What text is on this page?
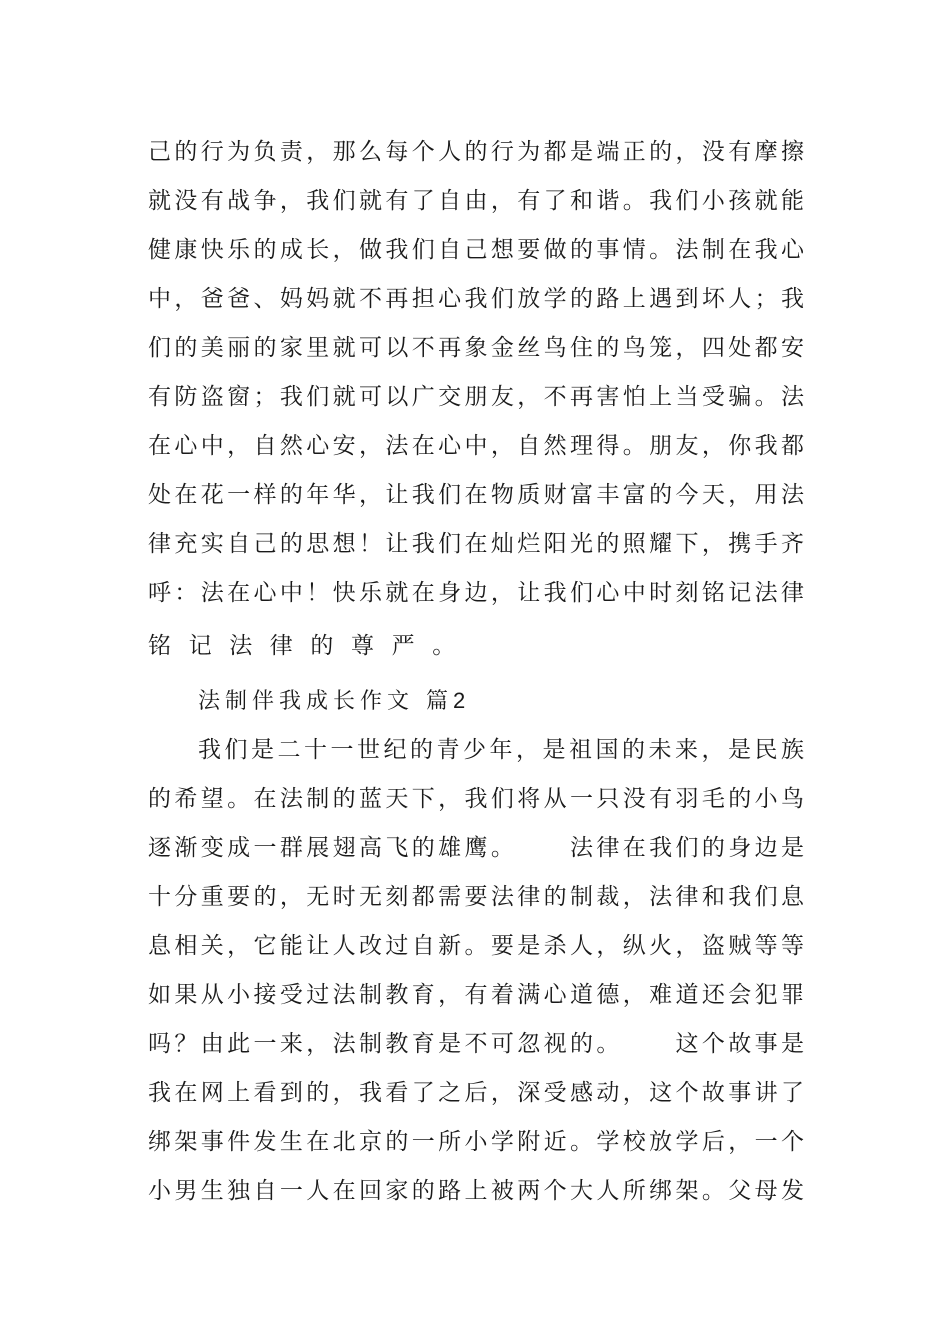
己 的 行 为 负 责 ， 那 么 每 个 人 的 行 为 都 是 端 正 的 ， 没 有 摩 擦
就 没 有 战 争 ， 我 们 就 有 了 自 由 ， 有 了 和 谐 。 我 们 小 孩 就 能
健 康 快 乐 的 成 长 ， 做 我 们 自 己 想 要 做 的 事 情 。 法 制 在 我 心
中 ， 爸 爸 、 妈 妈 就 不 再 担 心 我 们 放 学 的 路 上 遇 到 坏 人 ； 我
们 的 美 丽 的 家 里 就 可 以 不 再 象 金 丝 鸟 住 的 鸟 笼 ， 四 处 都 安
有 防 盗 窗 ； 我 们 就 可 以 广 交 朋 友 ， 不 再 害 怕 上 当 受 骗 。 法
在 心 中 ， 自 然 心 安 ， 法 在 心 中 ， 自 然 理 得 。 朋 友 ， 你 我 都
处 在 花 一 样 的 年 华 ， 让 我 们 在 物 质 财 富 丰 富 的 今 天 ， 用 法
律 充 实 自 己 的 思 想 ！ 让 我 们 在 灿 烂 阳 光 的 照 耀 下 ， 携 手 齐
呼 ： 法 在 心 中 ！ 快 乐 就 在 身 边 ， 让 我 们 心 中 时 刻 铭 记 法 律
铭记法律的尊严。
法制伴我成长作文 篇2
我 们 是 二 十 一 世 纪 的 青 少 年 ， 是 祖 国 的 未 来 ， 是 民 族
的 希 望 。 在 法 制 的 蓝 天 下 ， 我 们 将 从 一 只 没 有 羽 毛 的 小 鸟
逐 渐 变 成 一 群 展 翅 高 飞 的 雄 鹰 。

　 法 律 在 我 们 的 身 边 是
十 分 重 要 的 ， 无 时 无 刻 都 需 要 法 律 的 制 裁 ， 法 律 和 我 们 息
息 相 关 ， 它 能 让 人 改 过 自 新 。 要 是 杀 人 ， 纵 火 ， 盗 贼 等 等
如 果 从 小 接 受 过 法 制 教 育 ， 有 着 满 心 道 德 ， 难 道 还 会 犯 罪
吗 ？ 由 此 一 来 ， 法 制 教 育 是 不 可 忽 视 的 。

　 这 个 故 事 是
我 在 网 上 看 到 的 ， 我 看 了 之 后 ， 深 受 感 动 ， 这 个 故 事 讲 了
绑 架 事 件 发 生 在 北 京 的 一 所 小 学 附 近 。 学 校 放 学 后 ， 一 个
小 男 生 独 自 一 人 在 回 家 的 路 上 被 两 个 大 人 所 绑 架 。 父 母 发
